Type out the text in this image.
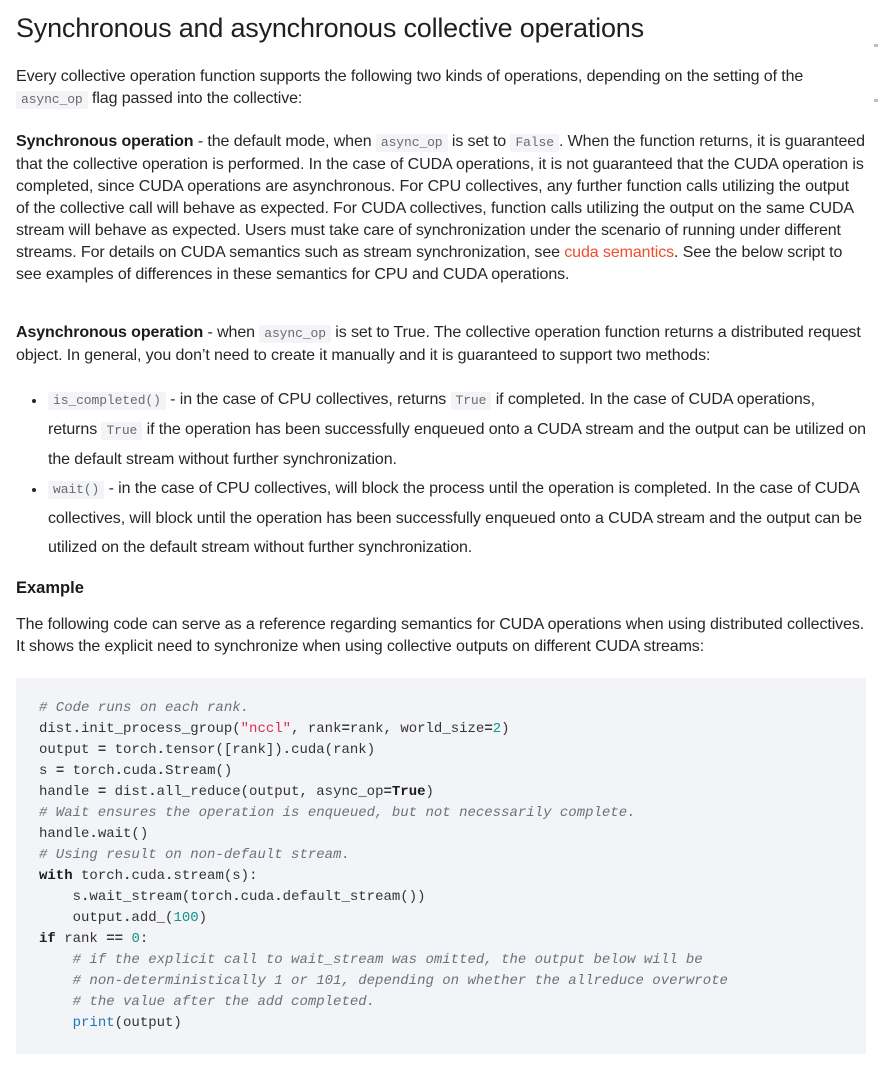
Synchronous and asynchronous collective operations

Every collective operation function supports the following two kinds of operations, depending on the setting of the async_op flag passed into the collective:

Synchronous operation - the default mode, when async_op is set to False . When the function returns, it is guaranteed that the collective operation is performed. In the case of CUDA operations, it is not guaranteed that the CUDA operation is completed, since CUDA operations are asynchronous. For CPU collectives, any further function calls utilizing the output of the collective call will behave as expected. For CUDA collectives, function calls utilizing the output on the same CUDA stream will behave as expected. Users must take care of synchronization under the scenario of running under different streams. For details on CUDA semantics such as stream synchronization, see cuda semantics. See the below script to see examples of differences in these semantics for CPU and CUDA operations.

Asynchronous operation - when async_op is set to True. The collective operation function returns a distributed request object. In general, you don’t need to create it manually and it is guaranteed to support two methods:

• is_completed() - in the case of CPU collectives, returns True if completed. In the case of CUDA operations, returns True if the operation has been successfully enqueued onto a CUDA stream and the output can be utilized on the default stream without further synchronization.
• wait() - in the case of CPU collectives, will block the process until the operation is completed. In the case of CUDA collectives, will block until the operation has been successfully enqueued onto a CUDA stream and the output can be utilized on the default stream without further synchronization.

Example

The following code can serve as a reference regarding semantics for CUDA operations when using distributed collectives. It shows the explicit need to synchronize when using collective outputs on different CUDA streams:

# Code runs on each rank.
dist.init_process_group("nccl", rank=rank, world_size=2)
output = torch.tensor([rank]).cuda(rank)
s = torch.cuda.Stream()
handle = dist.all_reduce(output, async_op=True)
# Wait ensures the operation is enqueued, but not necessarily complete.
handle.wait()
# Using result on non-default stream.
with torch.cuda.stream(s):
s.wait_stream(torch.cuda.default_stream())
output.add_(100)
if rank == 0:
# if the explicit call to wait_stream was omitted, the output below will be
# non-deterministically 1 or 101, depending on whether the allreduce overwrote
# the value after the add completed.
print(output)
